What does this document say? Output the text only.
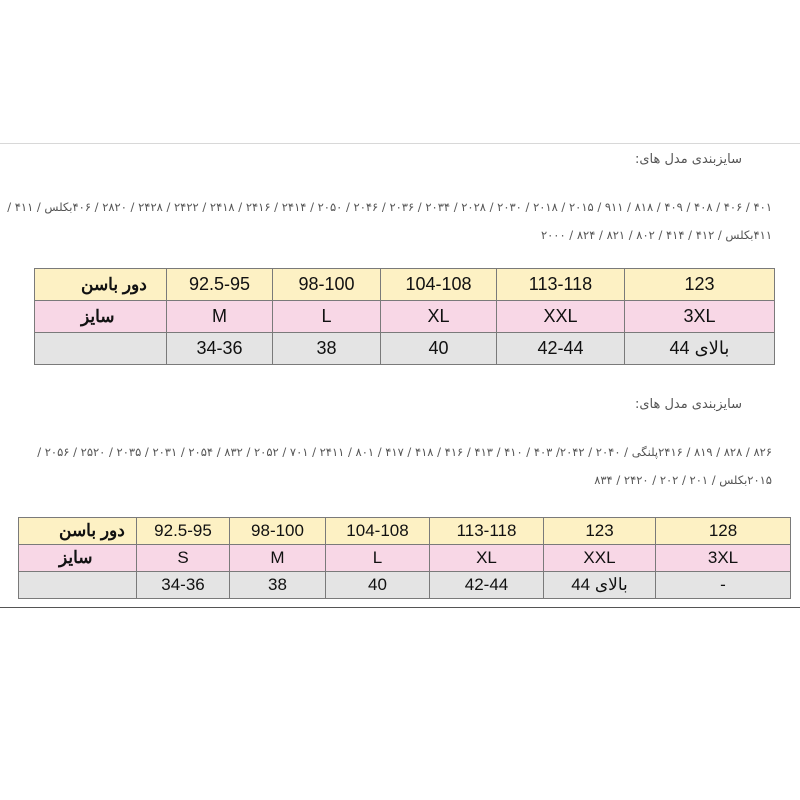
سایزبندی مدل های:
۴۰۱ / ۴۰۶ / ۴۰۸ / ۴۰۹ / ۸۱۸ / ۹۱۱ / ۲۰۱۵ / ۲۰۱۸ / ۲۰۳۰ / ۲۰۲۸ / ۲۰۳۴ / ۲۰۳۶ / ۲۰۴۶ / ۲۰۵۰ / ۲۴۱۴ / ۲۴۱۶ / ۲۴۱۸ / ۲۴۲۲ / ۲۴۲۸ / ۲۸۲۰ / ۴۰۶بکلس / ۴۱۱ /
۴۱۱بکلس / ۴۱۲ / ۴۱۴ / ۸۰۲ / ۸۲۱ / ۸۲۴ / ۲۰۰۰
دور باسن	92.5-95	98-100	104-108	113-118	123
سایز	M	L	XL	XXL	3XL
	34-36	38	40	42-44	بالای 44
سایزبندی مدل های:
۸۲۶ / ۸۲۸ / ۸۱۹ / ۲۴۱۶پلنگی / ۲۰۴۰ / ۲۰۴۲/ ۴۰۳ / ۴۱۰ / ۴۱۳ / ۴۱۶ / ۴۱۸ / ۴۱۷ / ۸۰۱ / ۲۴۱۱ / ۷۰۱ / ۲۰۵۲ / ۸۳۲ / ۲۰۵۴ / ۲۰۳۱ / ۲۰۳۵ / ۲۵۲۰ / ۲۰۵۶ /
۲۰۱۵بکلس / ۲۰۱ / ۲۰۲ / ۲۴۲۰ / ۸۳۴
دور باسن	92.5-95	98-100	104-108	113-118	123	128
سایز	S	M	L	XL	XXL	3XL
	34-36	38	40	42-44	بالای 44	-
